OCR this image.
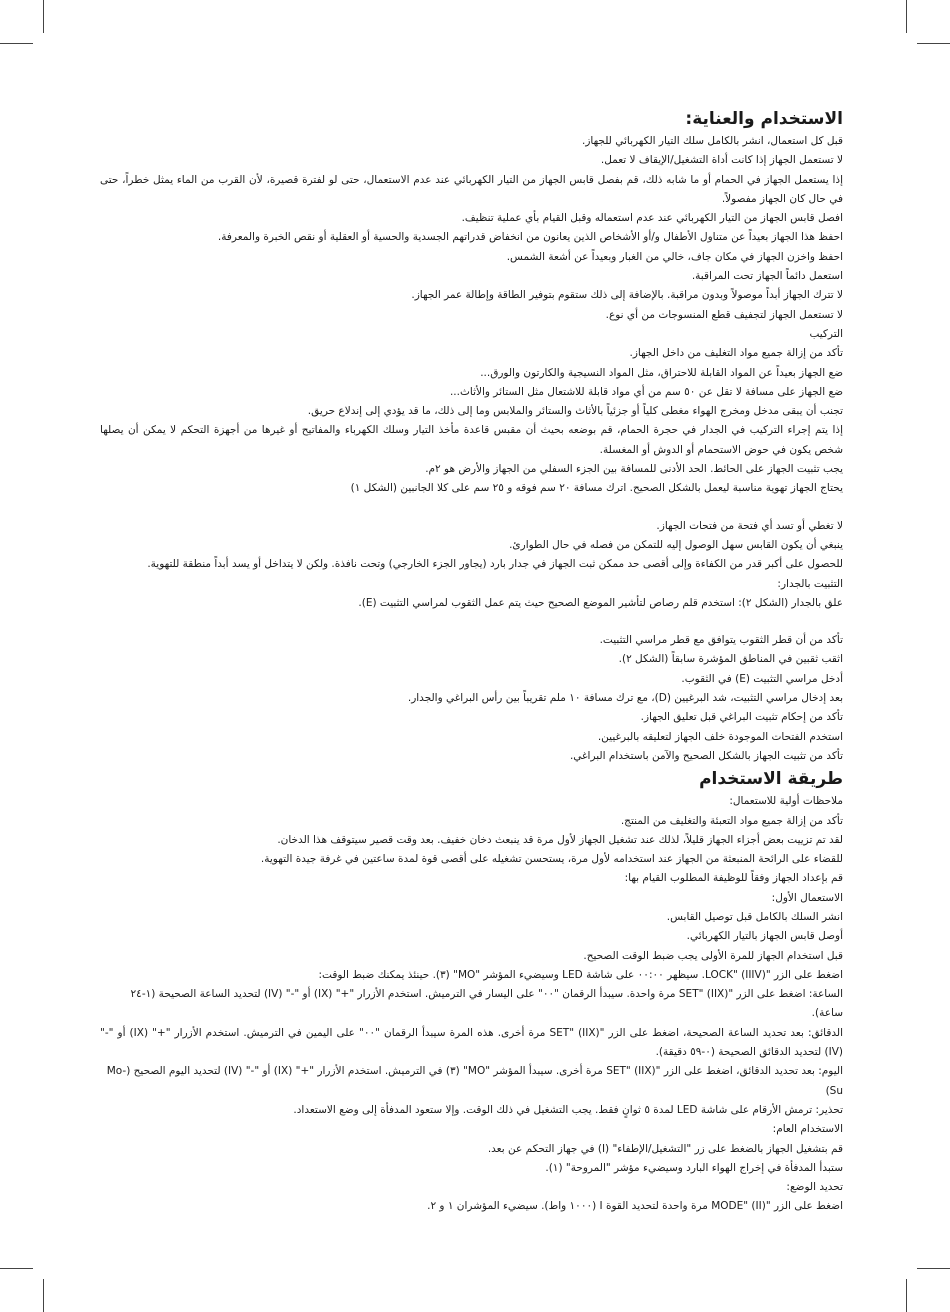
الاستخدام والعناية:
قبل كل استعمال، انشر بالكامل سلك التيار الكهربائي للجهاز.
لا تستعمل الجهاز إذا كانت أداة التشغيل/الإيقاف لا تعمل.
إذا يستعمل الجهاز في الحمام أو ما شابه ذلك، قم بفصل قابس الجهاز من التيار الكهربائي عند عدم الاستعمال، حتى لو لفترة قصيرة، لأن القرب من الماء يمثل خطراً، حتى في حال كان الجهاز مفصولاً.
افصل قابس الجهاز من التيار الكهربائي عند عدم استعماله وقبل القيام بأي عملية تنظيف.
احفظ هذا الجهاز بعيداً عن متناول الأطفال و/أو الأشخاص الذين يعانون من انخفاض قدراتهم الجسدية والحسية أو العقلية أو نقص الخبرة والمعرفة.
احفظ واخزن الجهاز في مكان جاف، خالي من الغبار وبعيداً عن أشعة الشمس.
استعمل دائماً الجهاز تحت المراقبة.
لا تترك الجهاز أبداً موصولاً وبدون مراقبة. بالإضافة إلى ذلك ستقوم بتوفير الطاقة وإطالة عمر الجهاز.
لا تستعمل الجهاز لتجفيف قطع المنسوجات من أي نوع.
التركيب
تأكد من إزالة جميع مواد التغليف من داخل الجهاز.
ضع الجهاز بعيداً عن المواد القابلة للاحتراق، مثل المواد النسيجية والكارتون والورق...
ضع الجهاز على مسافة لا تقل عن ٥٠ سم من أي مواد قابلة للاشتعال مثل الستائر والأثاث...
تجنب أن يبقى مدخل ومخرج الهواء مغطى كلياً أو جزئياً بالأثاث والستائر والملابس وما إلى ذلك، ما قد يؤدي إلى إندلاع حريق.
إذا يتم إجراء التركيب في الجدار في حجرة الحمام، قم بوضعه بحيث أن مقبس قاعدة مأخذ التيار وسلك الكهرباء والمفاتيح أو غيرها من أجهزة التحكم لا يمكن أن يصلها شخص يكون في حوض الاستحمام أو الدوش أو المغسلة.
يجب تثبيت الجهاز على الحائط. الحد الأدنى للمسافة بين الجزء السفلي من الجهاز والأرض هو ٢م.
يحتاج الجهاز تهوية مناسبة ليعمل بالشكل الصحيح. اترك مسافة ٢٠ سم فوقه و ٢٥ سم على كلا الجانبين (الشكل ١)
لا تغطي أو تسد أي فتحة من فتحات الجهاز.
ينبغي أن يكون القابس سهل الوصول إليه للتمكن من فصله في حال الطوارئ.
للحصول على أكبر قدر من الكفاءة وإلى أقصى حد ممكن ثبت الجهاز في جدار بارد (يجاور الجزء الخارجي) وتحت نافذة. ولكن لا يتداخل أو يسد أبداً منطقة للتهوية.
التثبيت بالجدار:
علق بالجدار (الشكل ٢): استخدم قلم رصاص لتأشير الموضع الصحيح حيث يتم عمل الثقوب لمراسي التثبيت (E).
تأكد من أن قطر الثقوب يتوافق مع قطر مراسي التثبيت.
اثقب ثقبين في المناطق المؤشرة سابقاً (الشكل ٢).
أدخل مراسي التثبيت (E) في الثقوب.
بعد إدخال مراسي التثبيت، شد البرغيين (D)، مع ترك مسافة ١٠ ملم تقريباً بين رأس البراغي والجدار.
تأكد من إحكام تثبيت البراغي قبل تعليق الجهاز.
استخدم الفتحات الموجودة خلف الجهاز لتعليقه بالبرغيين.
تأكد من تثبيت الجهاز بالشكل الصحيح والآمن باستخدام البراغي.
طريقة الاستخدام
ملاحظات أولية للاستعمال:
تأكد من إزالة جميع مواد التعبئة والتغليف من المنتج.
لقد تم تزييت بعض أجزاء الجهاز قليلاً، لذلك عند تشغيل الجهاز لأول مرة قد ينبعث دخان خفيف. بعد وقت قصير سيتوقف هذا الدخان.
للقضاء على الرائحة المنبعثة من الجهاز عند استخدامه لأول مرة، يستحسن تشغيله على أقصى قوة لمدة ساعتين في غرفة جيدة التهوية.
قم بإعداد الجهاز وفقاً للوظيفة المطلوب القيام بها:
الاستعمال الأول:
انشر السلك بالكامل قبل توصيل القابس.
أوصل قابس الجهاز بالتيار الكهربائي.
قبل استخدام الجهاز للمرة الأولى يجب ضبط الوقت الصحيح.
اضغط على الزر "LOCK" (IIIV). سيظهر ٠٠:٠٠ على شاشة LED وسيضيء المؤشر "MO" (٣). حينئذ يمكنك ضبط الوقت:
الساعة: اضغط على الزر "SET" (IIX) مرة واحدة. سيبدأ الرقمان "٠٠" على اليسار في الترميش. استخدم الأزرار "+" (IX) أو "-" (IV) لتحديد الساعة الصحيحة (١-٢٤ ساعة).
الدقائق: بعد تحديد الساعة الصحيحة، اضغط على الزر "SET" (IIX) مرة أخرى. هذه المرة سيبدأ الرقمان "٠٠" على اليمين في الترميش. استخدم الأزرار "+" (IX) أو "-" (IV) لتحديد الدقائق الصحيحة (٠-٥٩ دقيقة).
اليوم: بعد تحديد الدقائق، اضغط على الزر "SET" (IIX) مرة أخرى. سيبدأ المؤشر "MO" (٣) في الترميش. استخدم الأزرار "+" (IX) أو "-" (IV) لتحديد اليوم الصحيح (Mo-Su)
تحذير: ترمش الأرقام على شاشة LED لمدة ٥ ثوانٍ فقط. يجب التشغيل في ذلك الوقت. وإلا ستعود المدفأة إلى وضع الاستعداد.
الاستخدام العام:
قم بتشغيل الجهاز بالضغط على زر "التشغيل/الإطفاء" (I) في جهاز التحكم عن بعد.
ستبدأ المدفأة في إخراج الهواء البارد وسيضيء مؤشر "المروحة" (١).
تحديد الوضع:
اضغط على الزر "MODE" (II) مرة واحدة لتحديد القوة I (١٠٠٠ واط). سيضيء المؤشران ١ و ٢.
